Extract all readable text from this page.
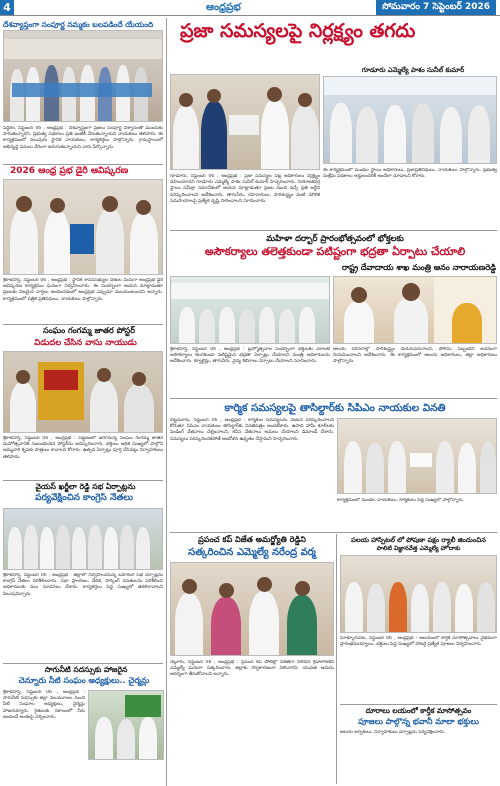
4	ఆంధ్రప్రభ	సోమవారం 7 సెప్టెంబర్ 2026
దేశవ్యాప్తంగా సంపూర్ణ నమ్మకం బలపడిందే యేయంది
పెద్దిరం, సెప్టెంబర్ 06 , ఆంధ్రప్రభ : దేశవ్యాప్తంగా ప్రజలు సంపూర్ణ విశ్వాసంతో ముందుకు సాగుతున్నారని, ప్రభుత్వ పథకాలు ప్రతి ఇంటికీ చేరుతున్నాయని నాయకులు తెలిపారు. ఈ కార్యక్రమంలో పలువురు స్థానిక నాయకులు, కార్యకర్తలు పాల్గొన్నారు. గ్రామస్థాయిలో అభివృద్ధి పనులు వేగంగా జరుగుతున్నాయని వారు పేర్కొన్నారు.
2026 ఆంధ్ర ప్రభ డైరీ ఆవిష్కరణ
శ్రీకాళహస్తి, సెప్టెంబర్ 06 , ఆంధ్రప్రభ : స్థానిక శాసనసభ్యుల చేతుల మీదుగా ఆంధ్రప్రభ డైరీ ఆవిష్కరణ కార్యక్రమం ఘనంగా నిర్వహించారు. ఈ సందర్భంగా ఆయన మాట్లాడుతూ ప్రజలకు నిజమైన వార్తలు అందించడంలో ఆంధ్రప్రభ ఎప్పుడూ ముందుంటుందని అన్నారు. కార్యక్రమంలో పత్రిక ప్రతినిధులు, నాయకులు పాల్గొన్నారు.
సంఘం గంగమ్మ జాతర పోస్టర్
విడుదల చేసిన వాసు నాయుడు
శ్రీకాళహస్తి, సెప్టెంబర్ 06 , ఆంధ్రప్రభ : పట్టణంలో జరగనున్న సంఘం గంగమ్మ జాతర మహోత్సవానికి సంబంధించిన పోస్టర్‌ను ఆవిష్కరించారు. భక్తులు అధిక సంఖ్యలో పాల్గొని అమ్మవారి కృపకు పాత్రులు కావాలని కోరారు. ఉత్సవ ఏర్పాట్లు పూర్తి చేసినట్లు నిర్వాహకులు తెలిపారు.
వైయస్ ఖర్జీలా రెడ్డి సభ ఏర్పాట్లను
పర్యవేక్షించిన కాంగ్రెస్ నేతలు
శ్రీకాళహస్తి, సెప్టెంబర్ 06 , ఆంధ్రప్రభ : జిల్లాలో నిర్వహించనున్న బహిరంగ సభ ఏర్పాట్లను కాంగ్రెస్ నేతలు పరిశీలించారు. సభా ప్రాంగణం, వేదిక, పార్కింగ్ వసతులను పరిశీలించి అధికారులకు పలు సూచనలు చేశారు. కార్యకర్తలు పెద్ద సంఖ్యలో తరలిరావాలని పిలుపునిచ్చారు.
సాగునీటి సదస్సుకు హాజరైన
చెన్నూరు నీటి సంఘం అధ్యక్షులు.. చైర్మన్లు
శ్రీకాళహస్తి, సెప్టెంబర్ 06 , ఆంధ్రప్రభ : సాగునీటి సదస్సుకు జిల్లా నలుమూలల నుంచి నీటి సంఘాల అధ్యక్షులు, చైర్మన్లు హాజరయ్యారు. రైతులకు సకాలంలో నీరు అందించే అంశంపై చర్చించారు.
ప్రజా సమస్యలపై నిర్లక్ష్యం తగదు
గూడూరు ఎమ్మెల్యే పాశం సునీల్ కుమార్
గూడూరు, సెప్టెంబర్ 06 , ఆంధ్రప్రభ : ప్రజా సమస్యల పట్ల అధికారులు నిర్లక్ష్యం వహించరాదని గూడూరు ఎమ్మెల్యే పాశం సునీల్ కుమార్ హెచ్చరించారు. నియోజకవర్గ స్థాయి సమీక్షా సమావేశంలో ఆయన మాట్లాడుతూ ప్రజల నుంచి వచ్చే ప్రతి అర్జీని పరిష్కరించాలని ఆదేశించారు. తాగునీరు, రహదారులు, పారిశుద్ధ్యం వంటి మౌలిక సదుపాయాలపై ప్రత్యేక దృష్టి సారించాలని సూచించారు.
ఈ కార్యక్రమంలో మండల స్థాయి అధికారులు, ప్రజాప్రతినిధులు, నాయకులు పాల్గొన్నారు. ప్రభుత్వ సంక్షేమ పథకాలు అర్హులందరికీ అందేలా చూడాలని కోరారు.
మహిళా దర్బార్ ప్రారంభోత్సవంలో భోక్తలకు
అసౌకర్యాలు తలెత్తకుండా పటిష్టంగా భద్రతా ఏర్పాటు చేయాలి
రాష్ట్ర దేవాదాయ శాఖ మంత్రి ఆనం నారాయణరెడ్డి
శ్రీకాళహస్తి, సెప్టెంబర్ 06 , ఆంధ్రప్రభ : బ్రహ్మోత్సవాల సందర్భంగా భక్తులకు ఎలాంటి అసౌకర్యాలు కలగకుండా పటిష్టమైన భద్రతా ఏర్పాట్లు చేయాలని మంత్రి అధికారులను ఆదేశించారు. క్యూలైన్లు, తాగునీరు, వైద్య శిబిరాలు ఏర్పాటు చేయాలని సూచించారు.
ఆలయ పరిసరాల్లో పారిశుద్ధ్యం మెరుగుపరచాలని, పోలీసు సిబ్బందిని అదనంగా నియమించాలని ఆదేశించారు. ఈ కార్యక్రమంలో ఆలయ అధికారులు, జిల్లా అధికారులు పాల్గొన్నారు.
కార్మిక సమస్యలపై తాసిల్దార్‌కు సిపిఎం నాయకుల వినతి
చిట్టమూరు, సెప్టెంబర్ 06 , ఆంధ్రప్రభ : కార్మికుల సమస్యలను వెంటనే పరిష్కరించాలని కోరుతూ సిపిఎం నాయకులు తాసిల్దార్‌కు వినతిపత్రం అందజేశారు. ఉపాధి హామీ కూలీలకు పెండింగ్ వేతనాలు చెల్లించాలని, కనీస వేతనాలు అమలు చేయాలని డిమాండ్ చేశారు. సమస్యలు పరిష్కరించకపోతే ఆందోళన ఉధృతం చేస్తామని హెచ్చరించారు.
కార్యక్రమంలో మండల నాయకులు, కార్మికులు పెద్ద సంఖ్యలో పాల్గొన్నారు.
ప్రపంచ కప్ విజేత అమర్జ్యోతి రెడ్డిని
సత్కరించిన ఎమ్మెల్యే నరేంద్ర వర్మ
నెల్లూరు, సెప్టెంబర్ 06 , ఆంధ్రప్రభ : ప్రపంచ కప్ పోటీల్లో విజేతగా నిలిచిన క్రీడాకారిణిని ఎమ్మెల్యే ఘనంగా సత్కరించారు. జిల్లాకు గర్వకారణంగా నిలిచారని, యువత ఆమెను ఆదర్శంగా తీసుకోవాలని అన్నారు.
పలయ హాస్పిటల్ లో పోషణా పక్షం ర్యాలీ జిందుంచిన
పాలిటి విజ్ఞానవేత్త ఎమ్మెల్యే హోదాకు
సూళ్ళూరుపేట, సెప్టెంబర్ 06 , ఆంధ్రప్రభ : ఆలయంలో కార్తీక మాసోత్సవాలు వైభవంగా ప్రారంభమయ్యాయి. భక్తులు పెద్ద సంఖ్యలో హాజరై ప్రత్యేక పూజలు నిర్వహించారు.
దూరాలు లయంలో కార్తీక మాసోత్సవం
పూజలు పాల్గొన్న భవానీ మాలా భక్తులు
ఆలయ అర్చకులు, నిర్వాహకులు ఏర్పాట్లను పర్యవేక్షించారు.
